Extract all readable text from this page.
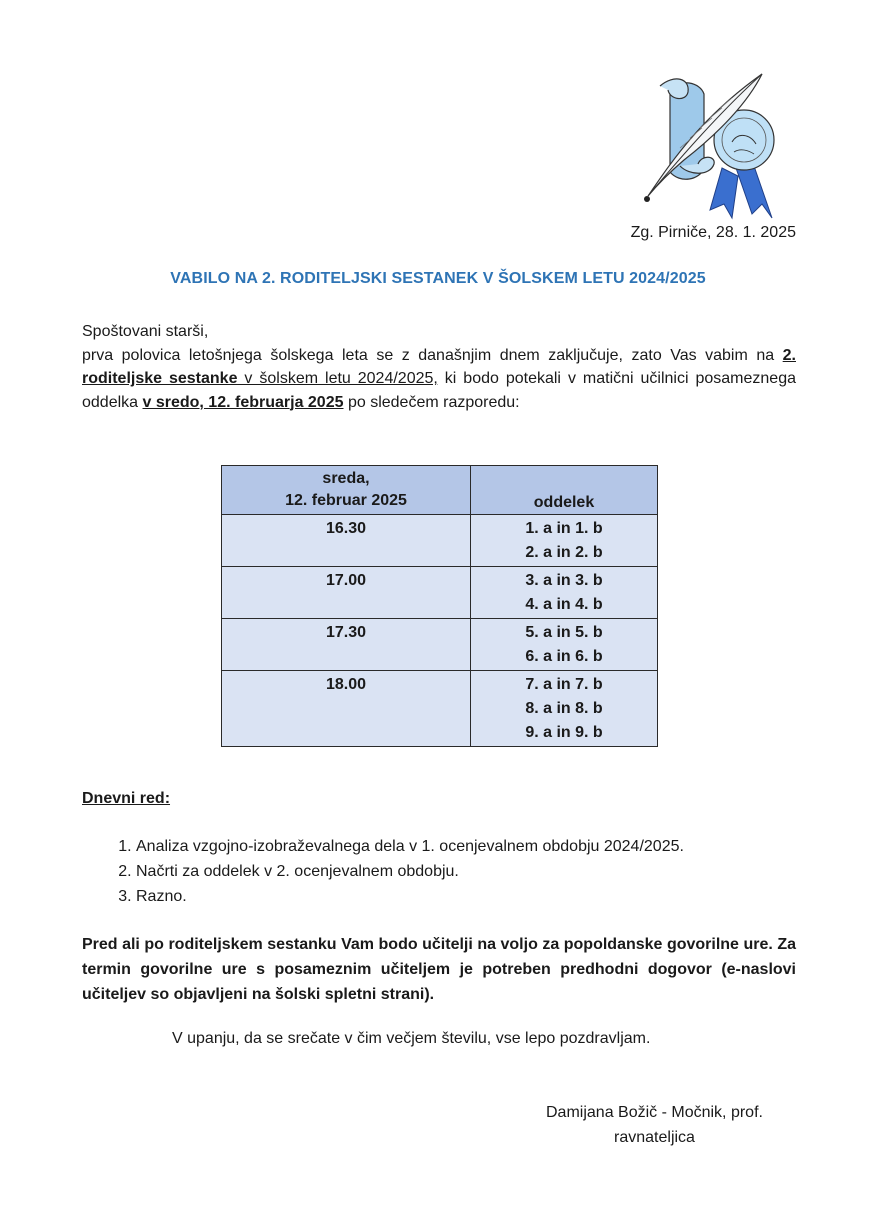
Zg. Pirniče, 28. 1. 2025
VABILO NA 2. RODITELJSKI SESTANEK V ŠOLSKEM LETU 2024/2025

Spoštovani starši,

prva polovica letošnjega šolskega leta se z današnjim dnem zaključuje, zato Vas vabim na 2. roditeljske sestanke v šolskem letu 2024/2025, ki bodo potekali v matični učilnici posameznega oddelka v sredo, 12. februarja 2025 po sledečem razporedu:

sreda,
12. februar 2025	oddelek
16.30	1. a in 1. b
2. a in 2. b

17.00	3. a in 3. b
4. a in 4. b

17.30	5. a in 5. b
6. a in 6. b

18.00	7. a in 7. b
8. a in 8. b
9. a in 9. b
Dnevni red:
1. Analiza vzgojno-izobraževalnega dela v 1. ocenjevalnem obdobju 2024/2025.
2. Načrti za oddelek v 2. ocenjevalnem obdobju.
3. Razno.
Pred ali po roditeljskem sestanku Vam bodo učitelji na voljo za popoldanske govorilne ure. Za termin govorilne ure s posameznim učiteljem je potreben predhodni dogovor (e-naslovi učiteljev so objavljeni na šolski spletni strani).
V upanju, da se srečate v čim večjem številu, vse lepo pozdravljam.
Damijana Božič - Močnik, prof.
ravnateljica
